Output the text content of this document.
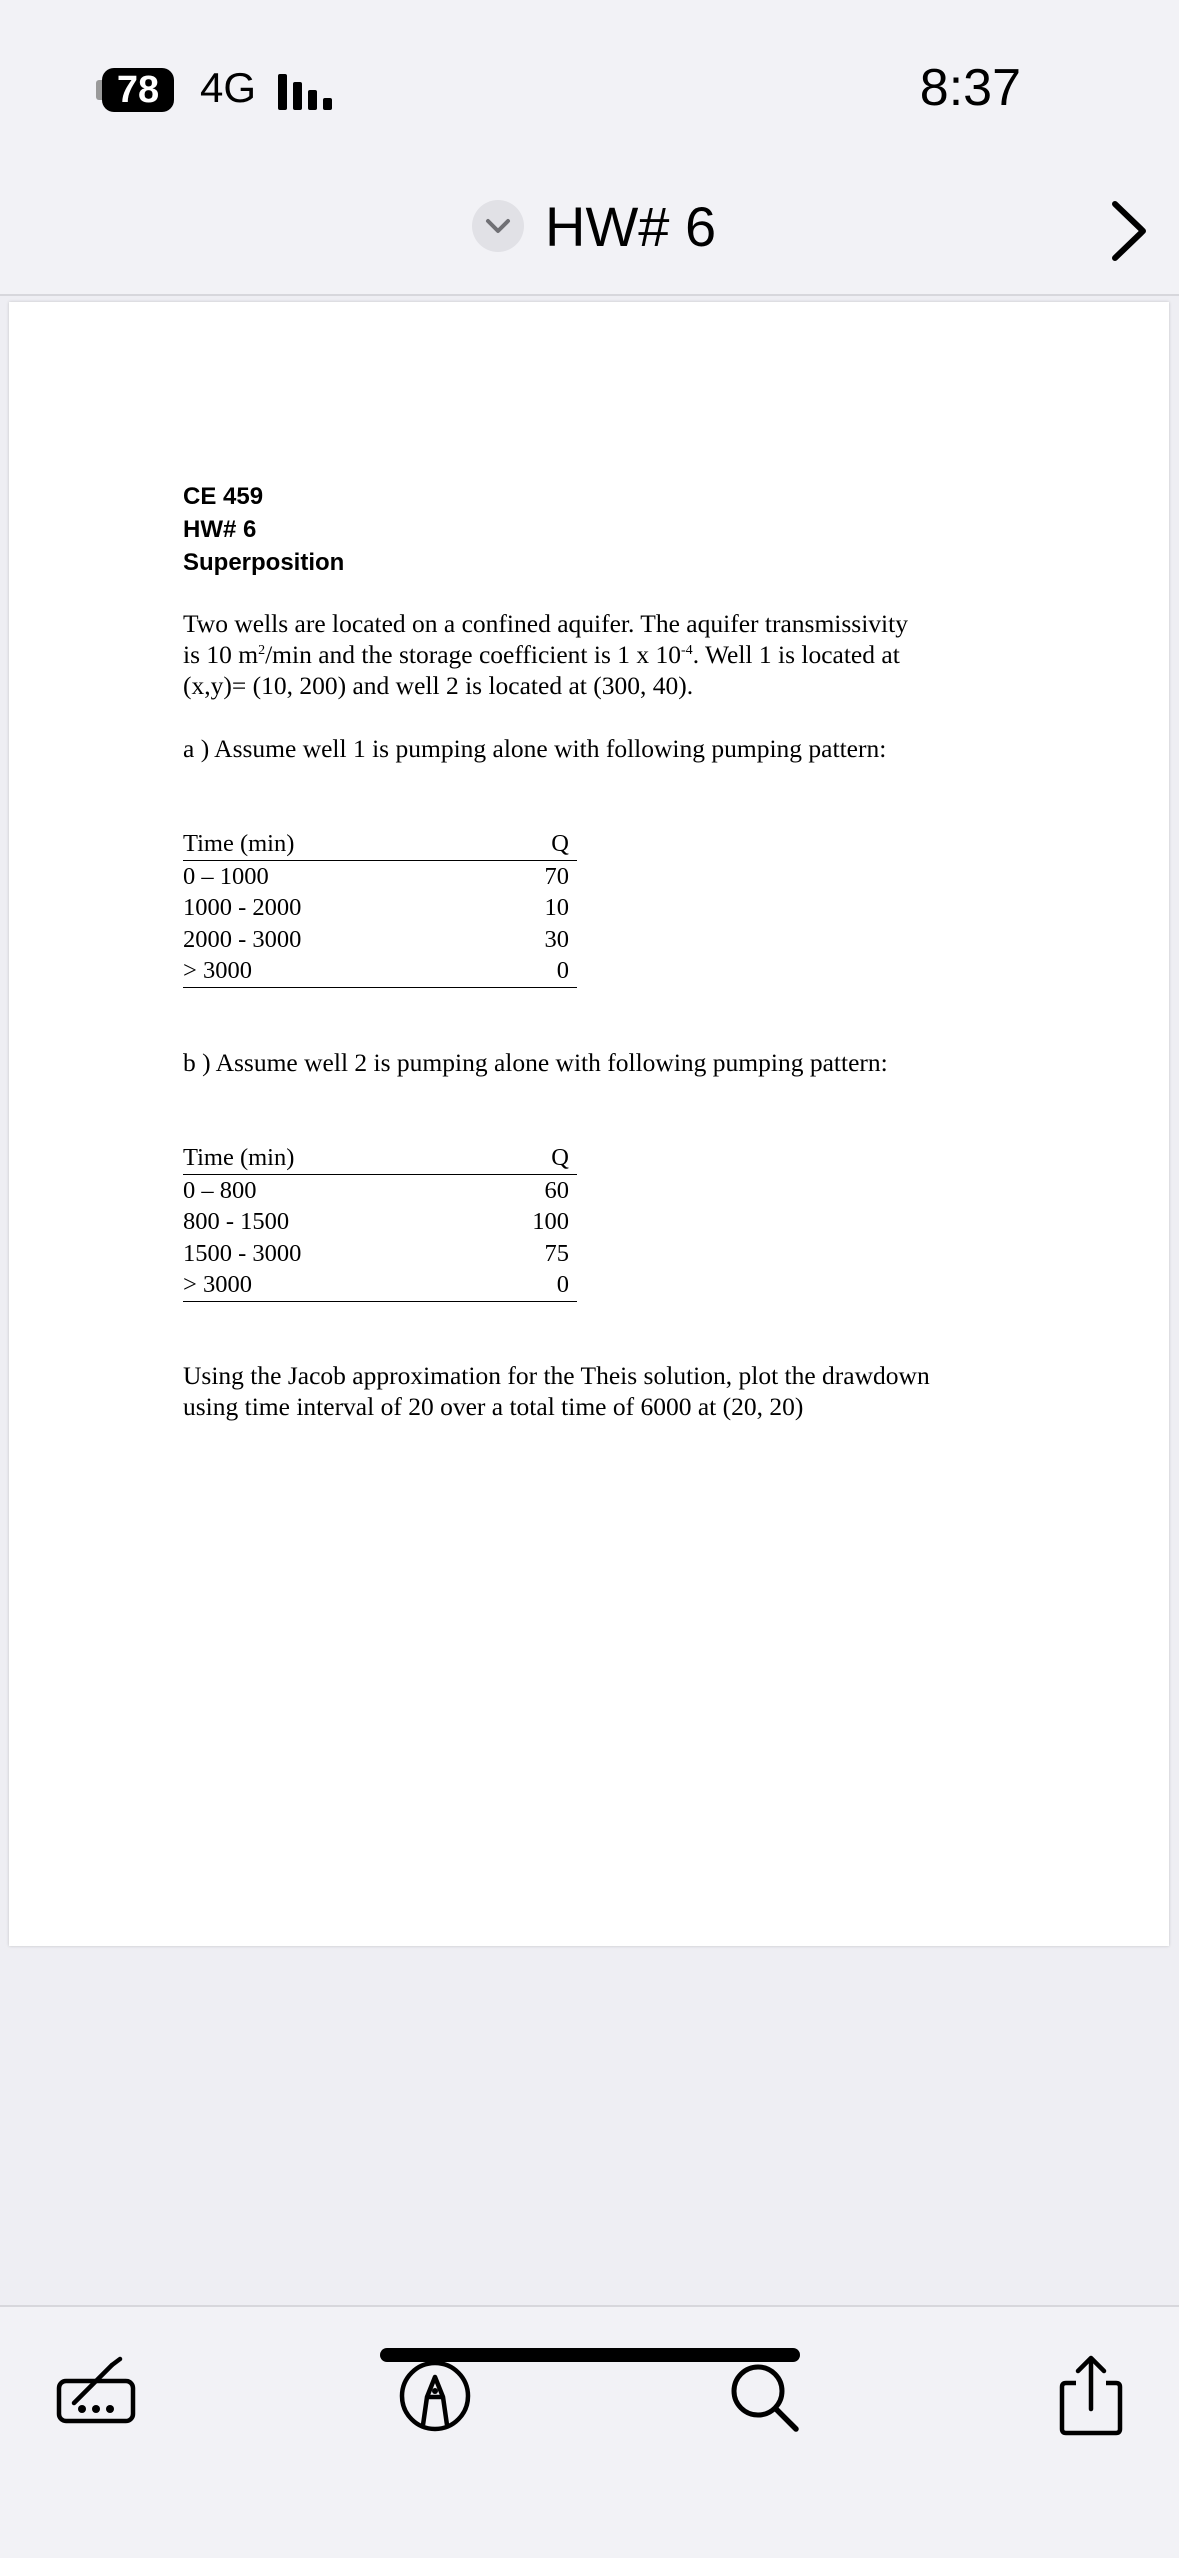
78 4G	8:37
HW# 6
CE 459
HW# 6
Superposition
Two wells are located on a confined aquifer. The aquifer transmissivity
is 10 $m^2/\min$ and the storage coefficient is 1 x $10^{-4}$. Well 1 is located at
(x,y)= (10, 200) and well 2 is located at (300, 40).
a ) Assume well 1 is pumping alone with following pumping pattern:
Time (min)	Q
0 – 1000	70
1000 - 2000	10
2000 - 3000	30
> 3000	0
b ) Assume well 2 is pumping alone with following pumping pattern:
Time (min)	Q
0 – 800	60
800 - 1500	100
1500 - 3000	75
> 3000	0
Using the Jacob approximation for the Theis solution, plot the drawdown
using time interval of 20 over a total time of 6000 at (20, 20)
